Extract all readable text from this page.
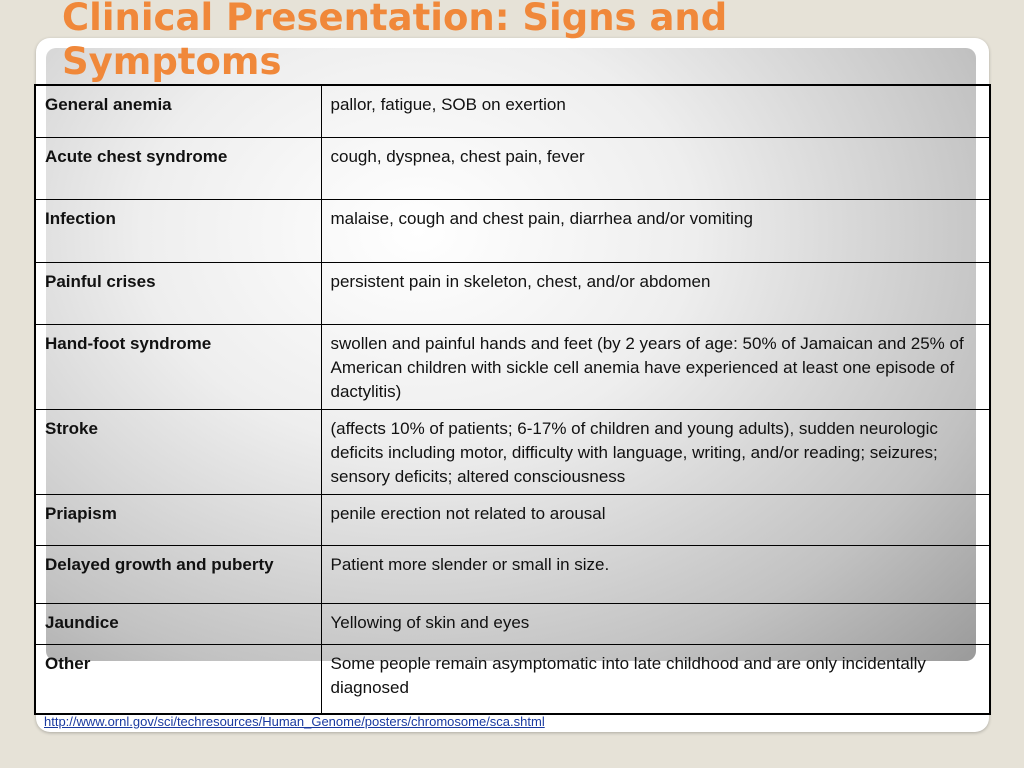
Clinical Presentation: Signs and Symptoms
General anemia	pallor, fatigue, SOB on exertion
Acute chest syndrome	cough, dyspnea, chest pain, fever
Infection	malaise, cough and chest pain, diarrhea and/or vomiting
Painful crises	persistent pain in skeleton, chest, and/or abdomen
Hand-foot syndrome	swollen and painful hands and feet (by 2 years of age: 50% of Jamaican and 25% of American children with sickle cell anemia have experienced at least one episode of dactylitis)
Stroke	(affects 10% of patients; 6-17% of children and young adults), sudden neurologic deficits including motor, difficulty with language, writing, and/or reading; seizures; sensory deficits; altered consciousness
Priapism	penile erection not related to arousal
Delayed growth and puberty	Patient more slender or small in size.
Jaundice	Yellowing of skin and eyes
Other	Some people remain asymptomatic into late childhood and are only incidentally diagnosed
http://www.ornl.gov/sci/techresources/Human_Genome/posters/chromosome/sca.shtml
